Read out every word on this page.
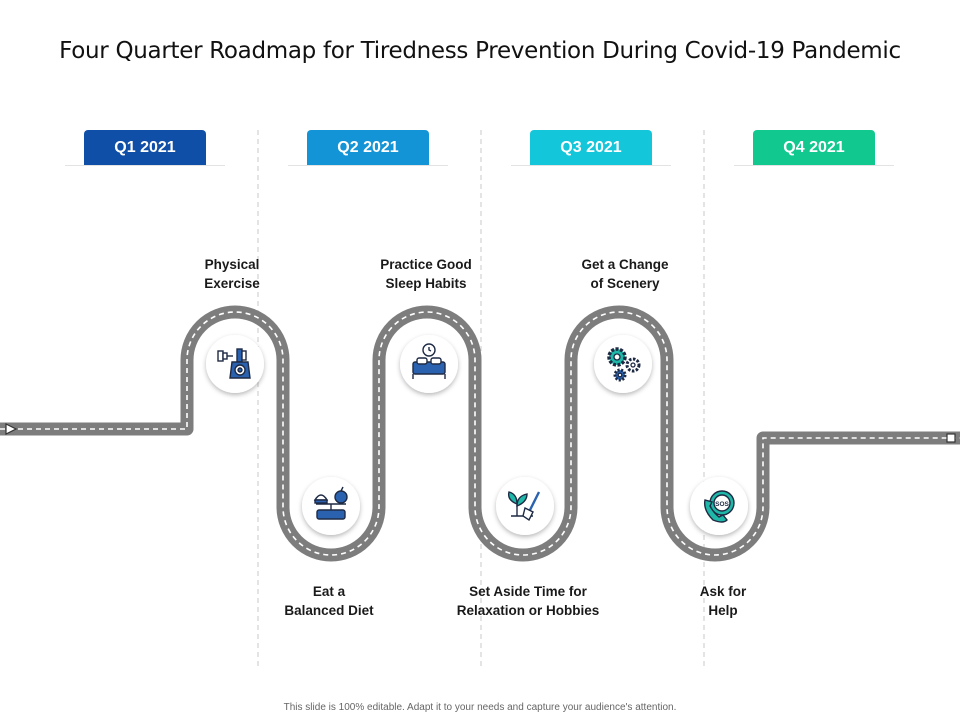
Four Quarter Roadmap for Tiredness Prevention During Covid-19 Pandemic
Q1 2021	Q2 2021	Q3 2021	Q4 2021
SOS
Physical
Exercise
Eat a
Balanced Diet
Practice Good
Sleep Habits
Set Aside Time for
Relaxation or Hobbies
Get a Change
of Scenery
Ask for
Help
This slide is 100% editable. Adapt it to your needs and capture your audience's attention.
